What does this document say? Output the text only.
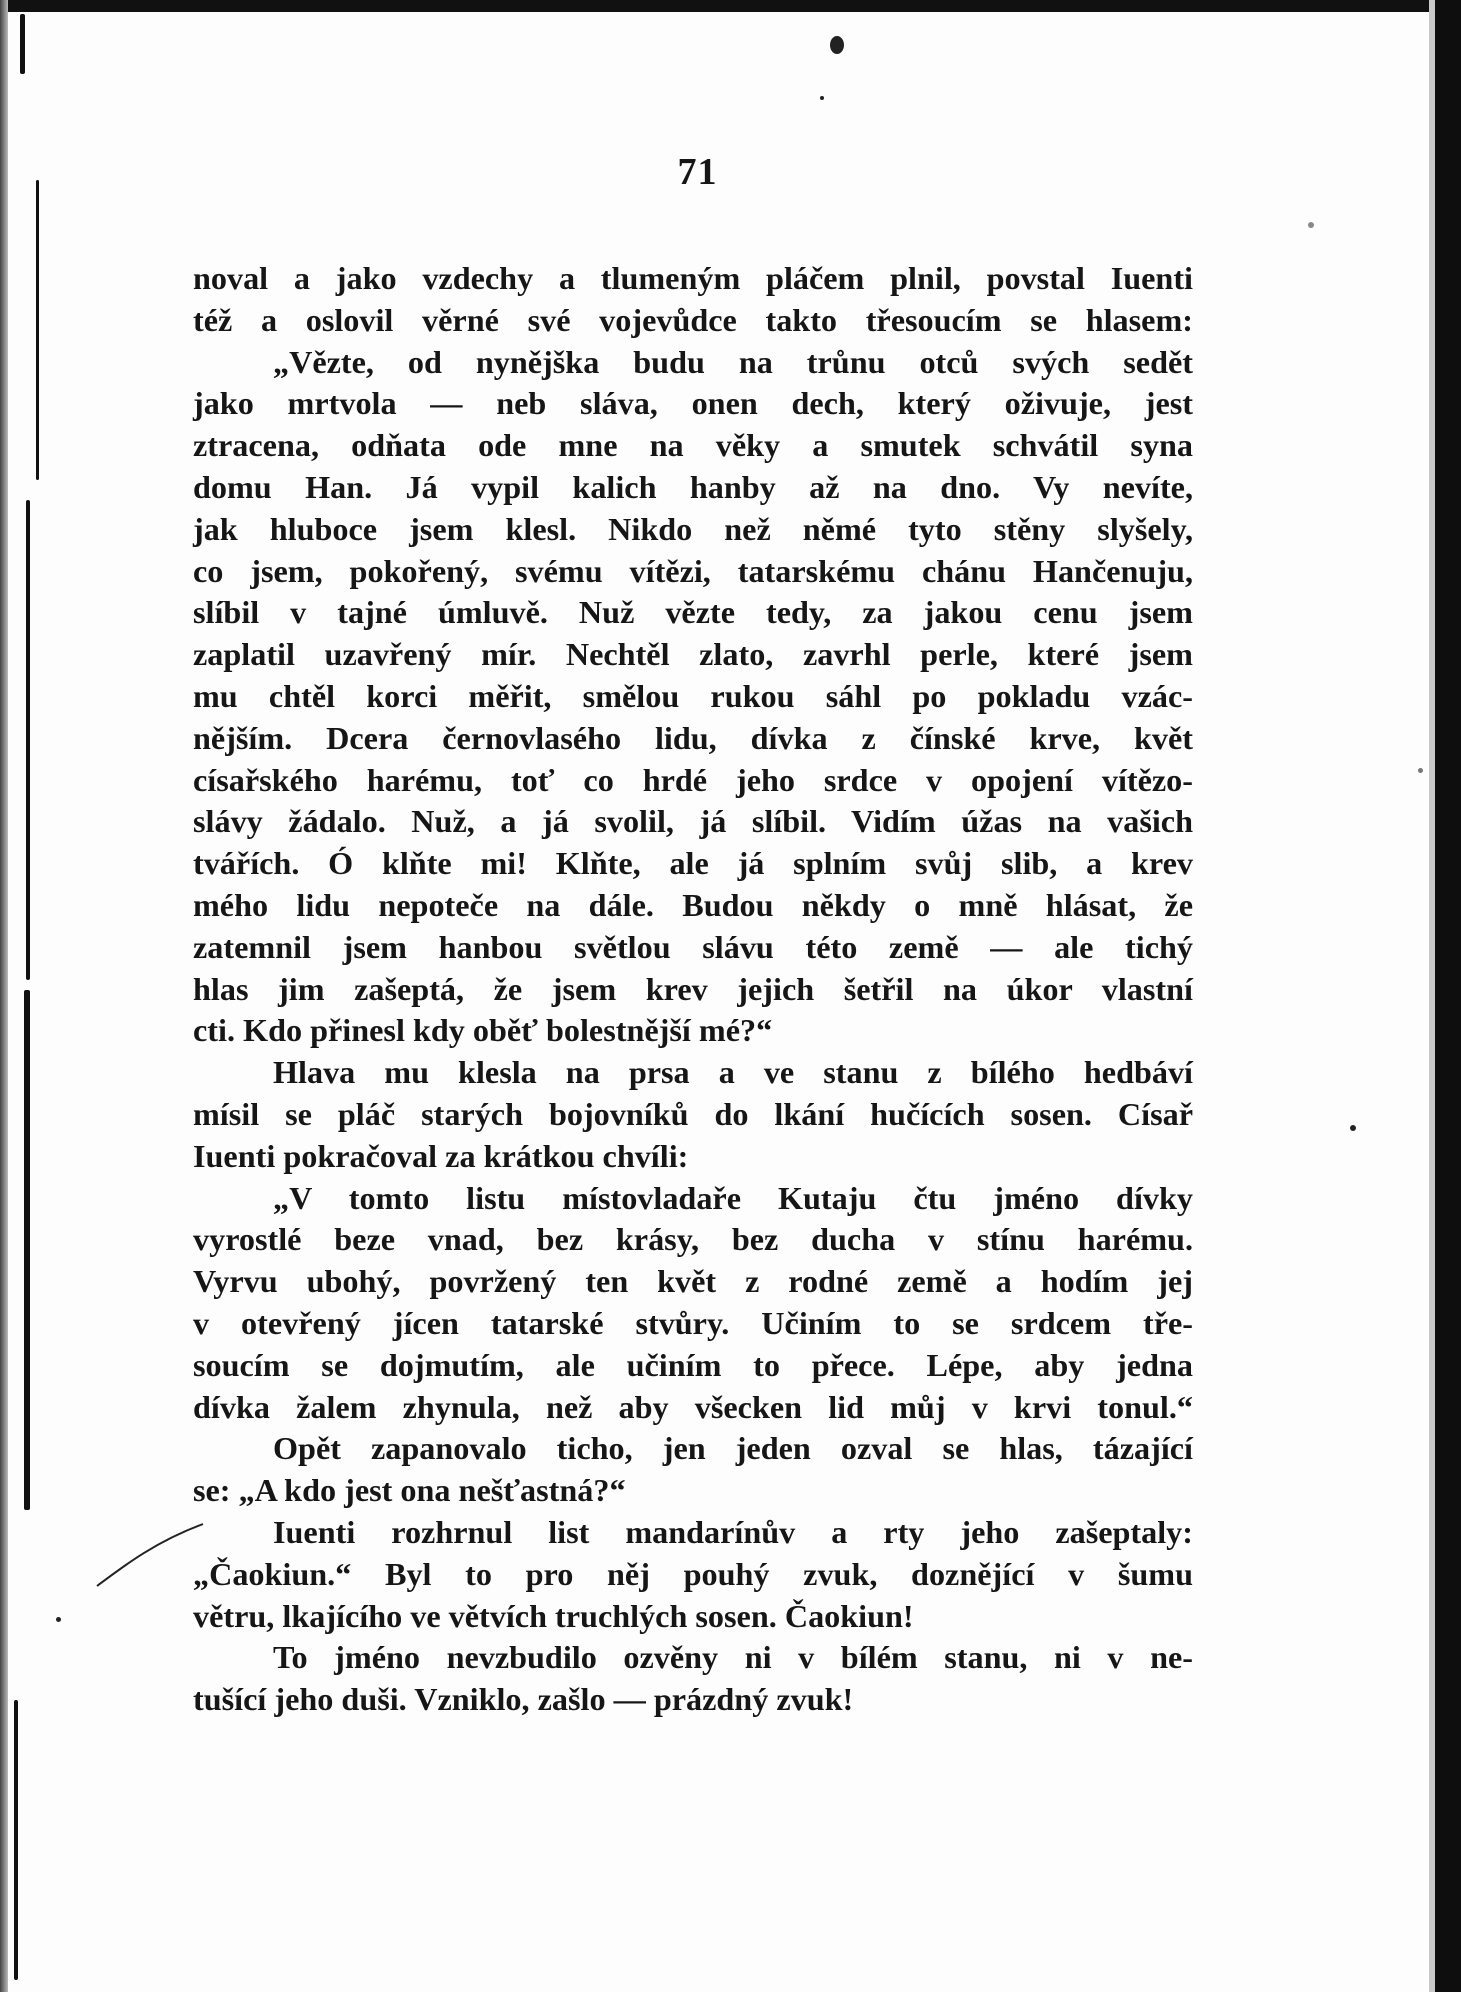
71
noval a jako vzdechy a tlumeným pláčem plnil, povstal Iuenti
též a oslovil věrné své vojevůdce takto třesoucím se hlasem:
„Vězte, od nynějška budu na trůnu otců svých sedět
jako mrtvola — neb sláva, onen dech, který oživuje, jest
ztracena, odňata ode mne na věky a smutek schvátil syna
domu Han. Já vypil kalich hanby až na dno. Vy nevíte,
jak hluboce jsem klesl. Nikdo než němé tyto stěny slyšely,
co jsem, pokořený, svému vítězi, tatarskému chánu Hančenuju,
slíbil v tajné úmluvě. Nuž vězte tedy, za jakou cenu jsem
zaplatil uzavřený mír. Nechtěl zlato, zavrhl perle, které jsem
mu chtěl korci měřit, smělou rukou sáhl po pokladu vzác-
nějším. Dcera černovlasého lidu, dívka z čínské krve, květ
císařského harému, toť co hrdé jeho srdce v opojení vítězo-
slávy žádalo. Nuž, a já svolil, já slíbil. Vidím úžas na vašich
tvářích. Ó klňte mi! Klňte, ale já splním svůj slib, a krev
mého lidu nepoteče na dále. Budou někdy o mně hlásat, že
zatemnil jsem hanbou světlou slávu této země — ale tichý
hlas jim zašeptá, že jsem krev jejich šetřil na úkor vlastní
cti. Kdo přinesl kdy oběť bolestnější mé?“
Hlava mu klesla na prsa a ve stanu z bílého hedbáví
mísil se pláč starých bojovníků do lkání hučících sosen. Císař
Iuenti pokračoval za krátkou chvíli:
„V tomto listu místovladaře Kutaju čtu jméno dívky
vyrostlé beze vnad, bez krásy, bez ducha v stínu harému.
Vyrvu ubohý, povržený ten květ z rodné země a hodím jej
v otevřený jícen tatarské stvůry. Učiním to se srdcem tře-
soucím se dojmutím, ale učiním to přece. Lépe, aby jedna
dívka žalem zhynula, než aby všecken lid můj v krvi tonul.“
Opět zapanovalo ticho, jen jeden ozval se hlas, tázající
se: „A kdo jest ona nešťastná?“
Iuenti rozhrnul list mandarínův a rty jeho zašeptaly:
„Čaokiun.“ Byl to pro něj pouhý zvuk, doznějící v šumu
větru, lkajícího ve větvích truchlých sosen. Čaokiun!
To jméno nevzbudilo ozvěny ni v bílém stanu, ni v ne-
tušící jeho duši. Vzniklo, zašlo — prázdný zvuk!
